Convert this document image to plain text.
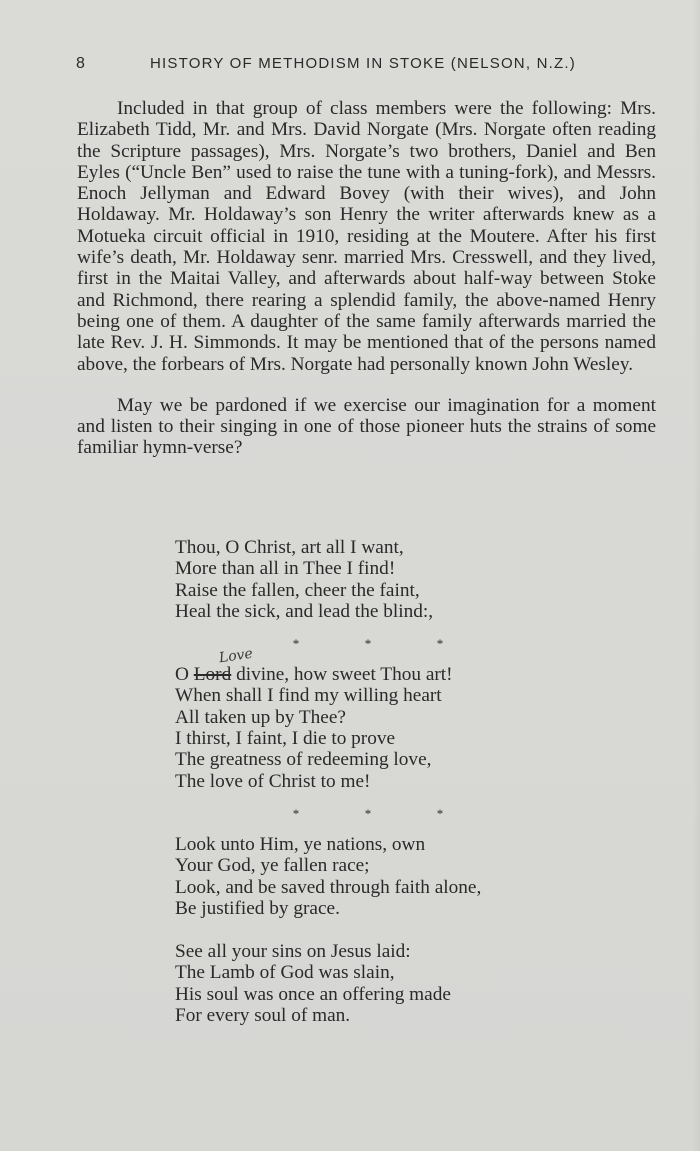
8	HISTORY OF METHODISM IN STOKE (NELSON, N.Z.)

Included in that group of class members were the following: Mrs. Elizabeth Tidd, Mr. and Mrs. David Norgate (Mrs. Norgate often reading the Scripture passages), Mrs. Norgate’s two brothers, Daniel and Ben Eyles (“Uncle Ben” used to raise the tune with a tuning-fork), and Messrs. Enoch Jellyman and Edward Bovey (with their wives), and John Holdaway. Mr. Holdaway’s son Henry the writer afterwards knew as a Motueka circuit official in 1910, residing at the Moutere. After his first wife’s death, Mr. Holdaway senr. married Mrs. Cresswell, and they lived, first in the Maitai Valley, and afterwards about half-way between Stoke and Richmond, there rearing a splendid family, the above-named Henry being one of them. A daughter of the same family afterwards married the late Rev. J. H. Simmonds. It may be mentioned that of the persons named above, the forbears of Mrs. Norgate had personally known John Wesley.

May we be pardoned if we exercise our imagination for a moment and listen to their singing in one of those pioneer huts the strains of some familiar hymn-verse?

Thou, O Christ, art all I want,
More than all in Thee I find!
Raise the fallen, cheer the faint,
Heal the sick, and lead the blind:,
*	*	*
O
Love
Lord divine, how sweet Thou art!
When shall I find my willing heart
All taken up by Thee?
I thirst, I faint, I die to prove
The greatness of redeeming love,
The love of Christ to me!
*	*	*
Look unto Him, ye nations, own
Your God, ye fallen race;
Look, and be saved through faith alone,
Be justified by grace.
See all your sins on Jesus laid:
The Lamb of God was slain,
His soul was once an offering made
For every soul of man.
